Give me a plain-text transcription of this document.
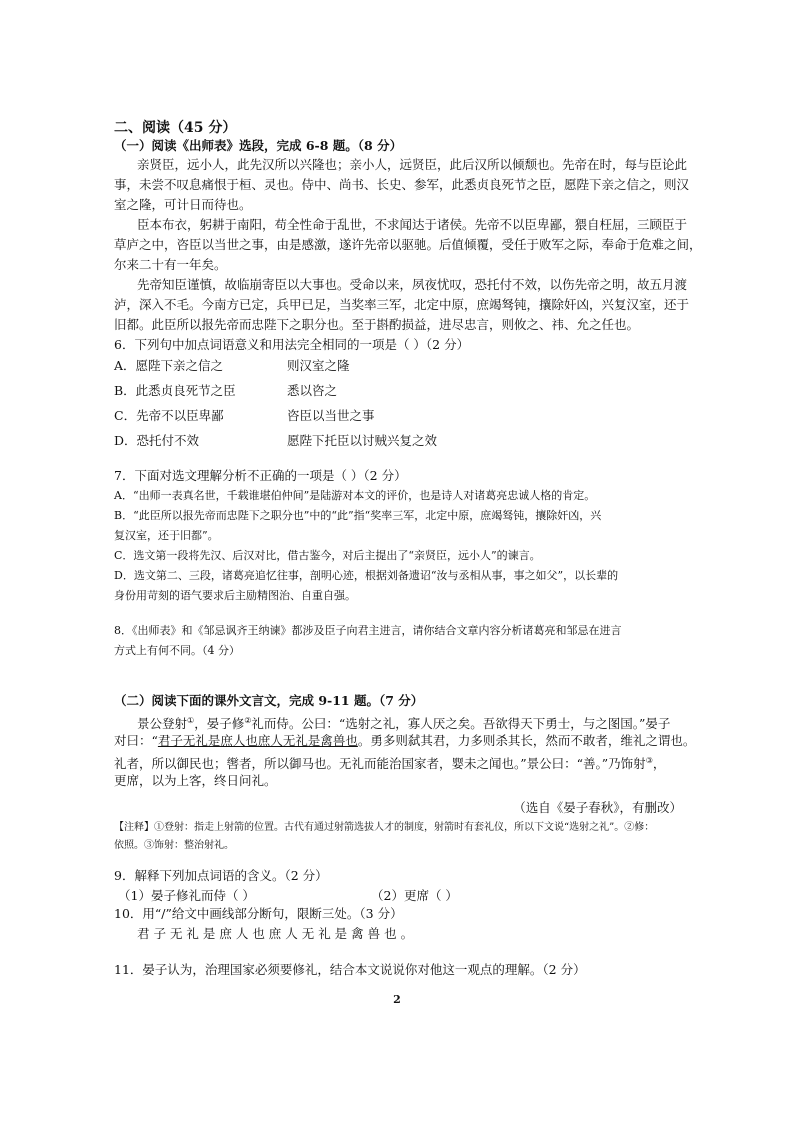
二、阅读（45 分）
（一）阅读《出师表》选段，完成 6-8 题。（8 分）
亲贤臣，远小人，此先汉所以兴隆也；亲小人，远贤臣，此后汉所以倾颓也。先帝在时，每与臣论此
事，未尝不叹息痛恨于桓、灵也。侍中、尚书、长史、参军，此悉贞良死节之臣，愿陛下亲之信之，则汉
室之隆，可计日而待也。
臣本布衣，躬耕于南阳，苟全性命于乱世，不求闻达于诸侯。先帝不以臣卑鄙，猥自枉屈，三顾臣于
草庐之中，咨臣以当世之事，由是感激，遂许先帝以驱驰。后值倾覆，受任于败军之际，奉命于危难之间，
尔来二十有一年矣。
先帝知臣谨慎，故临崩寄臣以大事也。受命以来，夙夜忧叹，恐托付不效，以伤先帝之明，故五月渡
泸，深入不毛。今南方已定，兵甲已足，当奖率三军，北定中原，庶竭驽钝，攘除奸凶，兴复汉室，还于
旧都。此臣所以报先帝而忠陛下之职分也。至于斟酌损益，进尽忠言，则攸之、祎、允之任也。
6．下列句中加点词语意义和用法完全相同的一项是（ ）（2 分）
A．愿陛下亲之信之	则汉室之隆
B．此悉贞良死节之臣	悉以咨之
C．先帝不以臣卑鄙	咨臣以当世之事
D．恐托付不效	愿陛下托臣以讨贼兴复之效
7．下面对选文理解分析不正确的一项是（ ）（2 分）
A．“出师一表真名世，千载谁堪伯仲间”是陆游对本文的评价，也是诗人对诸葛亮忠诚人格的肯定。
B．“此臣所以报先帝而忠陛下之职分也”中的“此”指“奖率三军，北定中原，庶竭驽钝，攘除奸凶，兴
复汉室，还于旧都”。
C．选文第一段将先汉、后汉对比，借古鉴今，对后主提出了“亲贤臣，远小人”的谏言。
D．选文第二、三段，诸葛亮追忆往事，剖明心迹，根据刘备遗诏“汝与丞相从事，事之如父”，以长辈的
身份用苛刻的语气要求后主励精图治、自重自强。
8．《出师表》和《邹忌讽齐王纳谏》都涉及臣子向君主进言，请你结合文章内容分析诸葛亮和邹忌在进言
方式上有何不同。（4 分）
（二）阅读下面的课外文言文，完成 9-11 题。（7 分）
景公登射①，晏子修②礼而侍。公曰：“选射之礼，寡人厌之矣。吾欲得天下勇士，与之图国。”晏子
对曰：“君子无礼是庶人也庶人无礼是禽兽也。勇多则弑其君，力多则杀其长，然而不敢者，维礼之谓也。
礼者，所以御民也；辔者，所以御马也。无礼而能治国家者，婴未之闻也。”景公曰：“善。”乃饰射③，
更席，以为上客，终日问礼。
（选自《晏子春秋》，有删改）
【注释】①登射：指走上射箭的位置。古代有通过射箭选拔人才的制度，射箭时有套礼仪，所以下文说“选射之礼”。②修：
依照。③饰射：整治射礼。
9．解释下列加点词语的含义。（2 分）
（1）晏子修礼而侍（ ）	（2）更席（ ）
10．用“/”给文中画线部分断句，限断三处。（3 分）
君 子 无 礼 是 庶 人 也 庶 人 无 礼 是 禽 兽 也 。
11．晏子认为，治理国家必须要修礼，结合本文说说你对他这一观点的理解。（2 分）
2
